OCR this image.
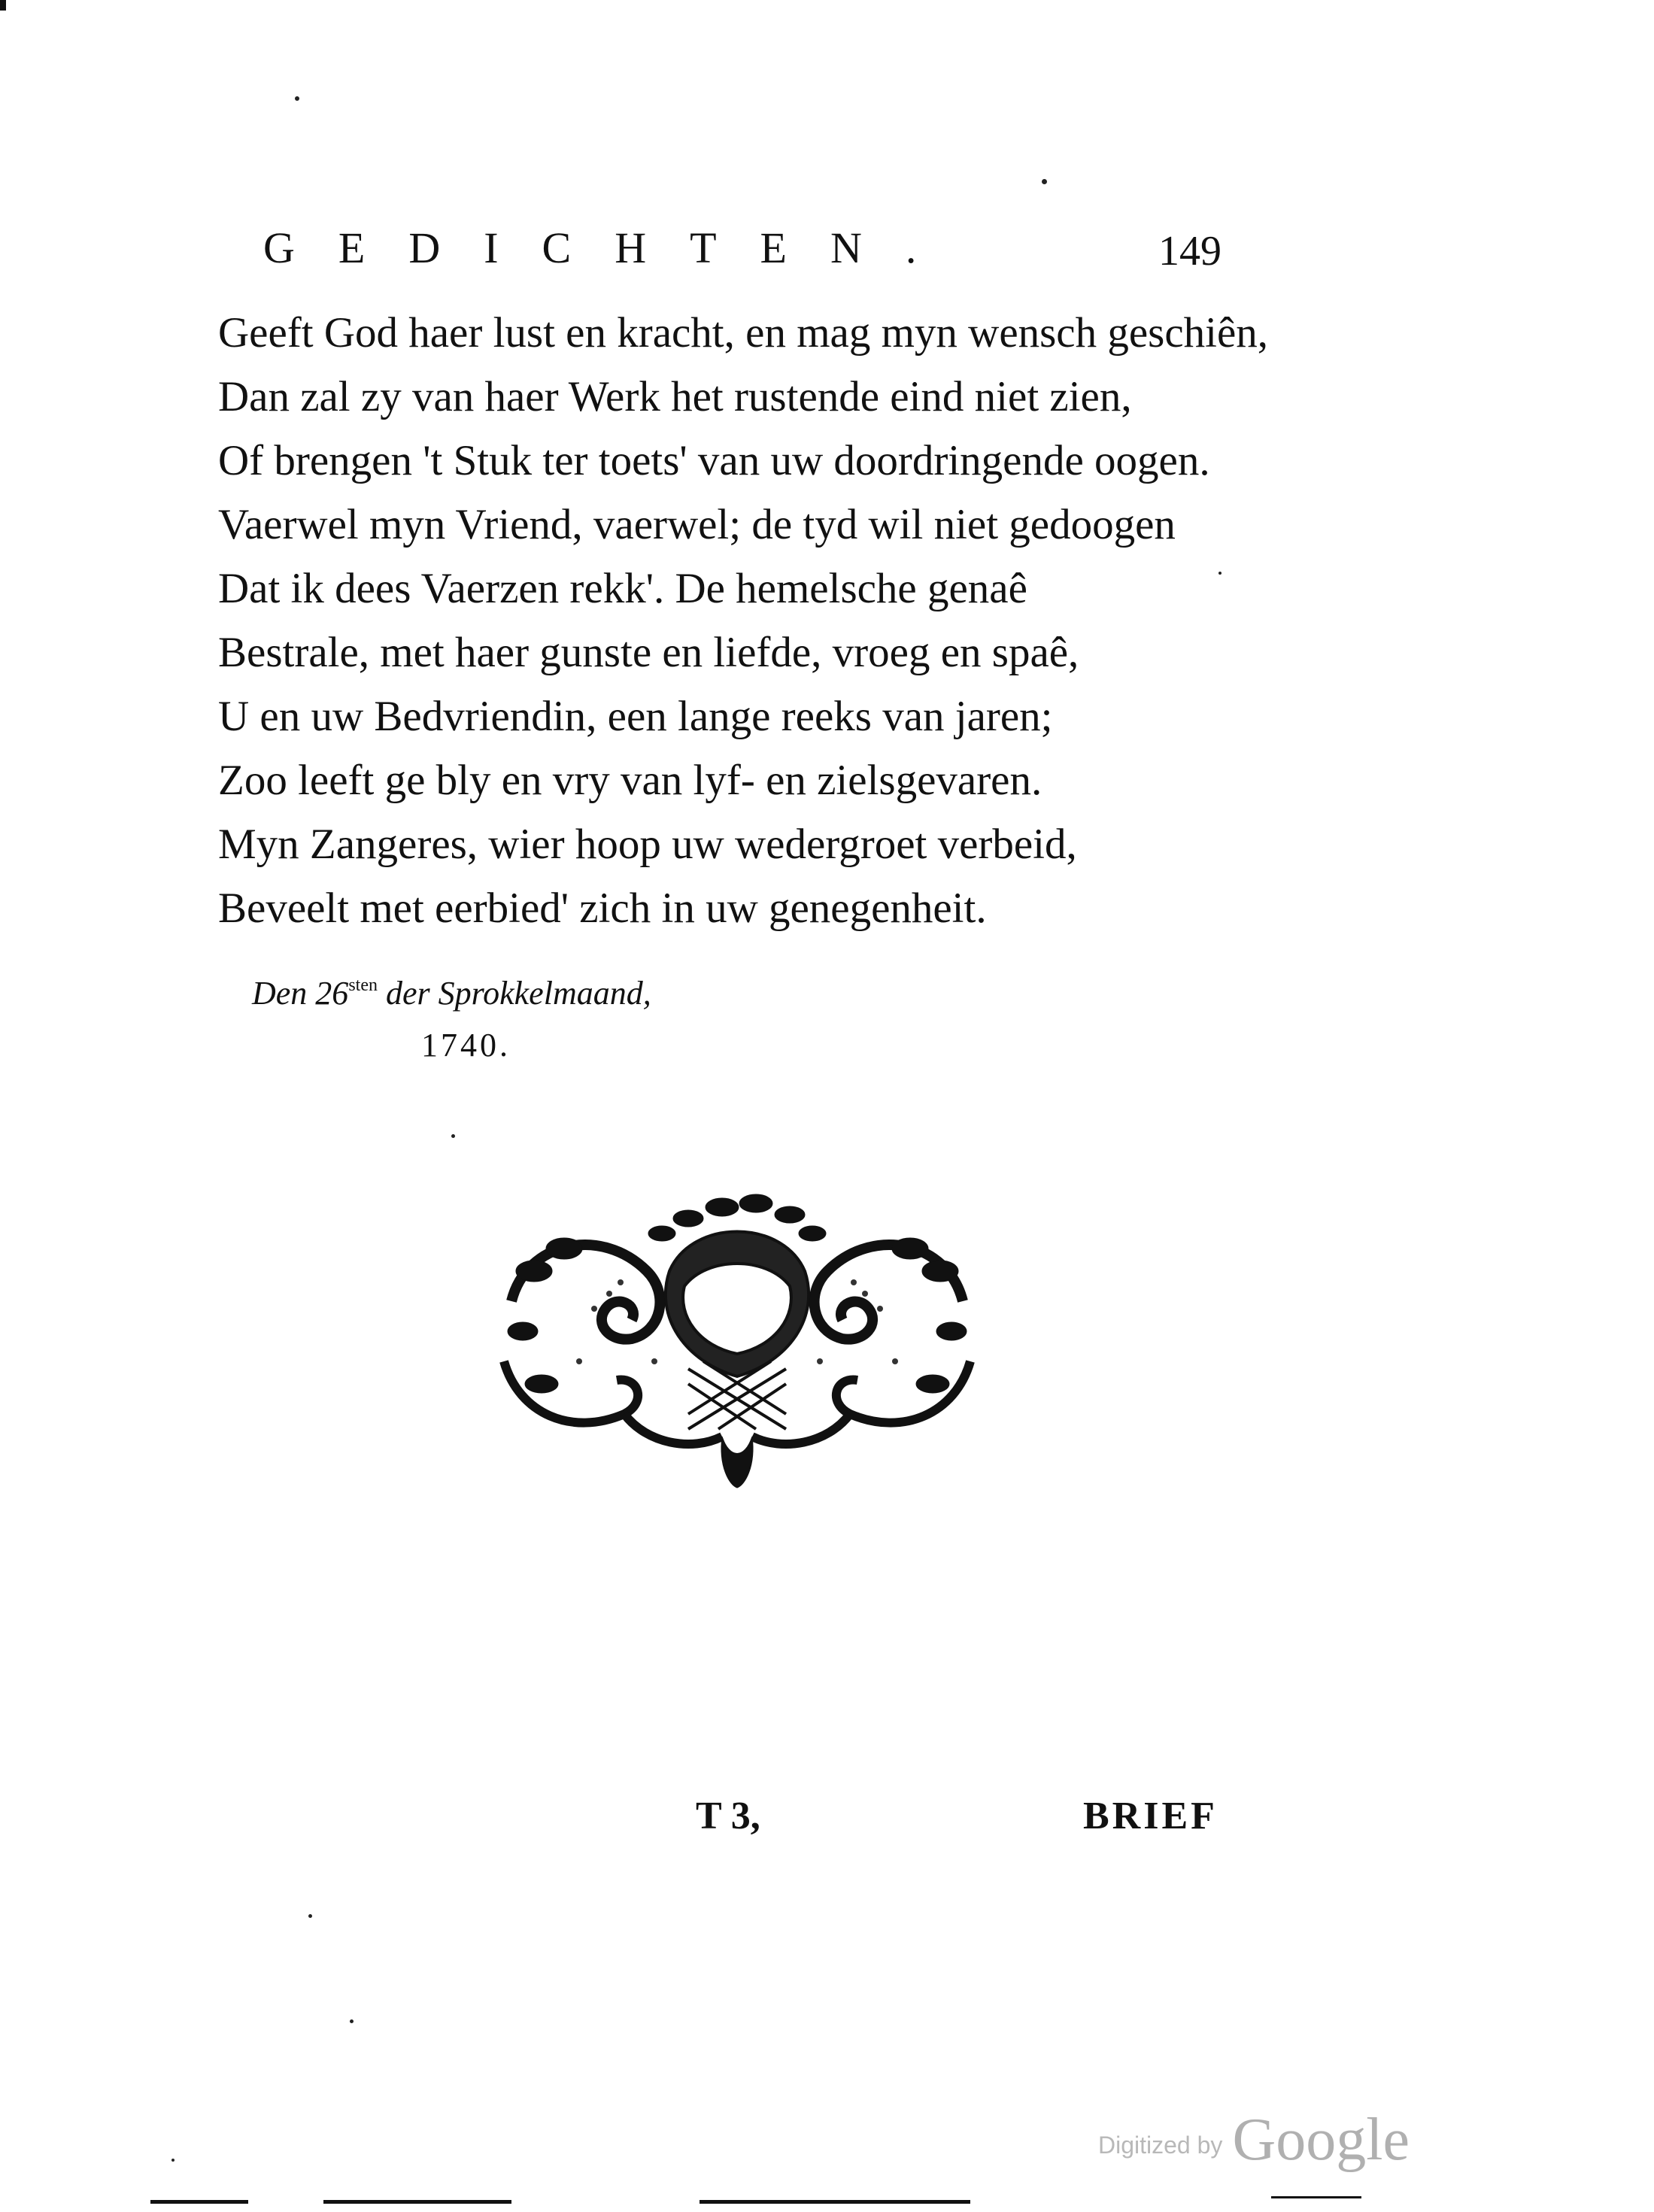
GEDICHTEN.	149
Geeft God haer lust en kracht, en mag myn wensch geschiên,
Dan zal zy van haer Werk het rustende eind niet zien,
Of brengen 't Stuk ter toets' van uw doordringende oogen.
Vaerwel myn Vriend, vaerwel; de tyd wil niet gedoogen
Dat ik dees Vaerzen rekk'. De hemelsche genaê
Bestrale, met haer gunste en liefde, vroeg en spaê,
U en uw Bedvriendin, een lange reeks van jaren;
Zoo leeft ge bly en vry van lyf- en zielsgevaren.
Myn Zangeres, wier hoop uw wedergroet verbeid,
Beveelt met eerbied' zich in uw genegenheit.
Den $26^{sten}$ der Sprokkelmaand,
1740.
T 3,	BRIEF
Digitized by Google
